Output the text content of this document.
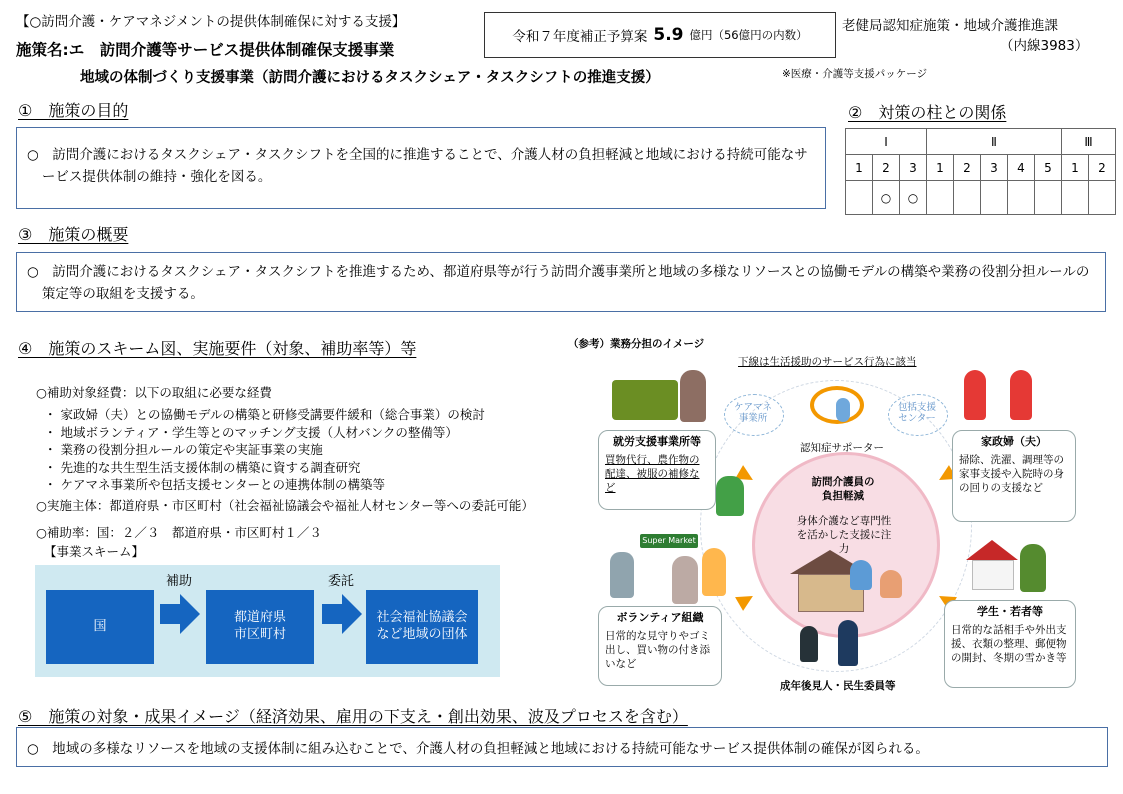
【○訪問介護・ケアマネジメントの提供体制確保に対する支援】
施策名:エ　訪問介護等サービス提供体制確保支援事業
地域の体制づくり支援事業（訪問介護におけるタスクシェア・タスクシフトの推進支援）
令和７年度補正予算案 5.9 億円（56億円の内数）
※医療・介護等支援パッケージ
老健局認知症施策・地域介護推進課
（内線3983）
①　施策の目的
○　訪問介護におけるタスクシェア・タスクシフトを全国的に推進することで、介護人材の負担軽減と地域における持続可能なサービス提供体制の維持・強化を図る。
②　対策の柱との関係
Ⅰ			Ⅱ					Ⅲ	
1	2	3	1	2	3	4	5	1	2
	○	○							
③　施策の概要
○　訪問介護におけるタスクシェア・タスクシフトを推進するため、都道府県等が行う訪問介護事業所と地域の多様なリソースとの協働モデルの構築や業務の役割分担ルールの策定等の取組を支援する。
④　施策のスキーム図、実施要件（対象、補助率等）等
○補助対象経費：以下の取組に必要な経費
・ 家政婦（夫）との協働モデルの構築と研修受講要件緩和（総合事業）の検討
・ 地域ボランティア・学生等とのマッチング支援（人材バンクの整備等）
・ 業務の役割分担ルールの策定や実証事業の実施
・ 先進的な共生型生活支援体制の構築に資する調査研究
・ ケアマネ事業所や包括支援センターとの連携体制の構築等
○実施主体：都道府県・市区町村（社会福祉協議会や福祉人材センター等への委託可能）
○補助率：国：２／３　都道府県・市区町村１／３
【事業スキーム】
国
補助
都道府県
市区町村
委託
社会福祉協議会
など地域の団体
（参考）業務分担のイメージ
下線は生活援助のサービス行為に該当
訪問介護員の
負担軽減
身体介護など専門性を活かした支援に注力
ケアマネ
事業所
包括支援
センター
認知症サポーター
Super Market
就労支援事業所等
買物代行、農作物の配達、被服の補修など
家政婦（夫）
掃除、洗濯、調理等の家事支援や入院時の身の回りの支援など
ボランティア組織
日常的な見守りやゴミ出し、買い物の付き添いなど
学生・若者等
日常的な話相手や外出支援、衣類の整理、郵便物の開封、冬期の雪かき等
成年後見人・民生委員等
⑤　施策の対象・成果イメージ（経済効果、雇用の下支え・創出効果、波及プロセスを含む）
○　地域の多様なリソースを地域の支援体制に組み込むことで、介護人材の負担軽減と地域における持続可能なサービス提供体制の確保が図られる。
